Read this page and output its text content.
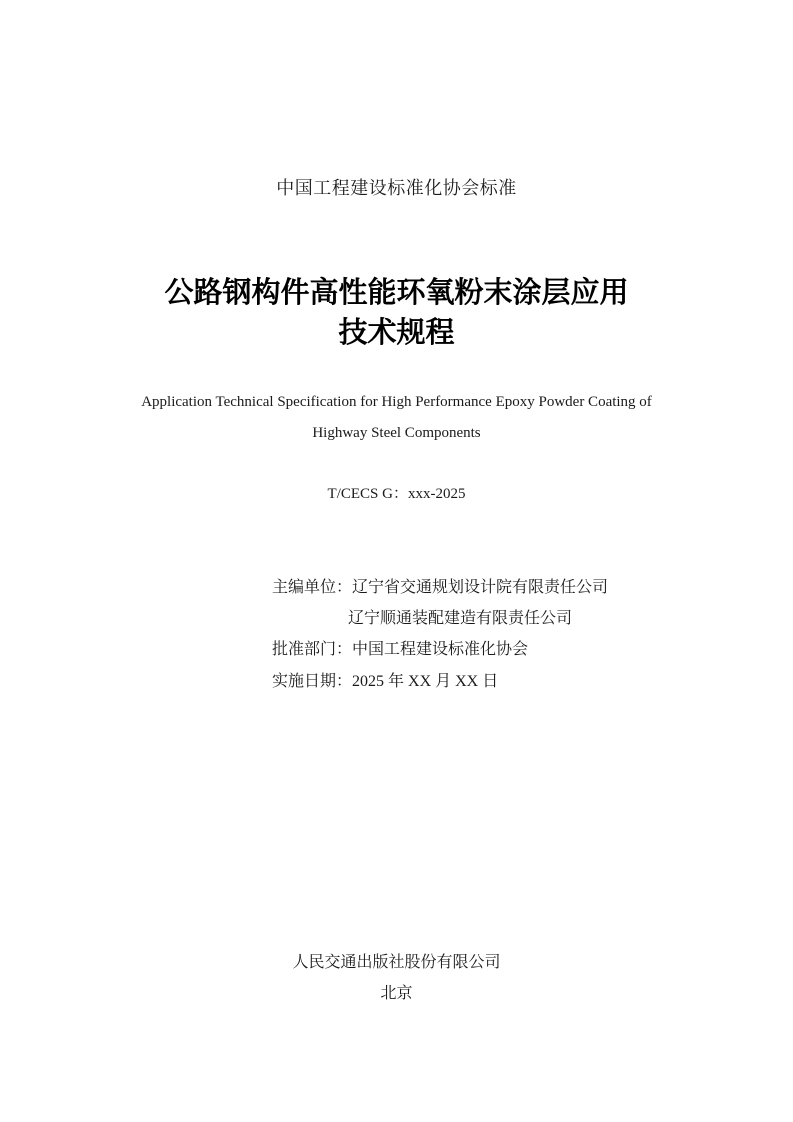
中国工程建设标准化协会标准
公路钢构件高性能环氧粉末涂层应用
技术规程
Application Technical Specification for High Performance Epoxy Powder Coating of
Highway Steel Components
T/CECS G：xxx-2025
主编单位：辽宁省交通规划设计院有限责任公司
辽宁顺通装配建造有限责任公司
批准部门：中国工程建设标准化协会
实施日期：2025 年 XX 月 XX 日
人民交通出版社股份有限公司
北京
